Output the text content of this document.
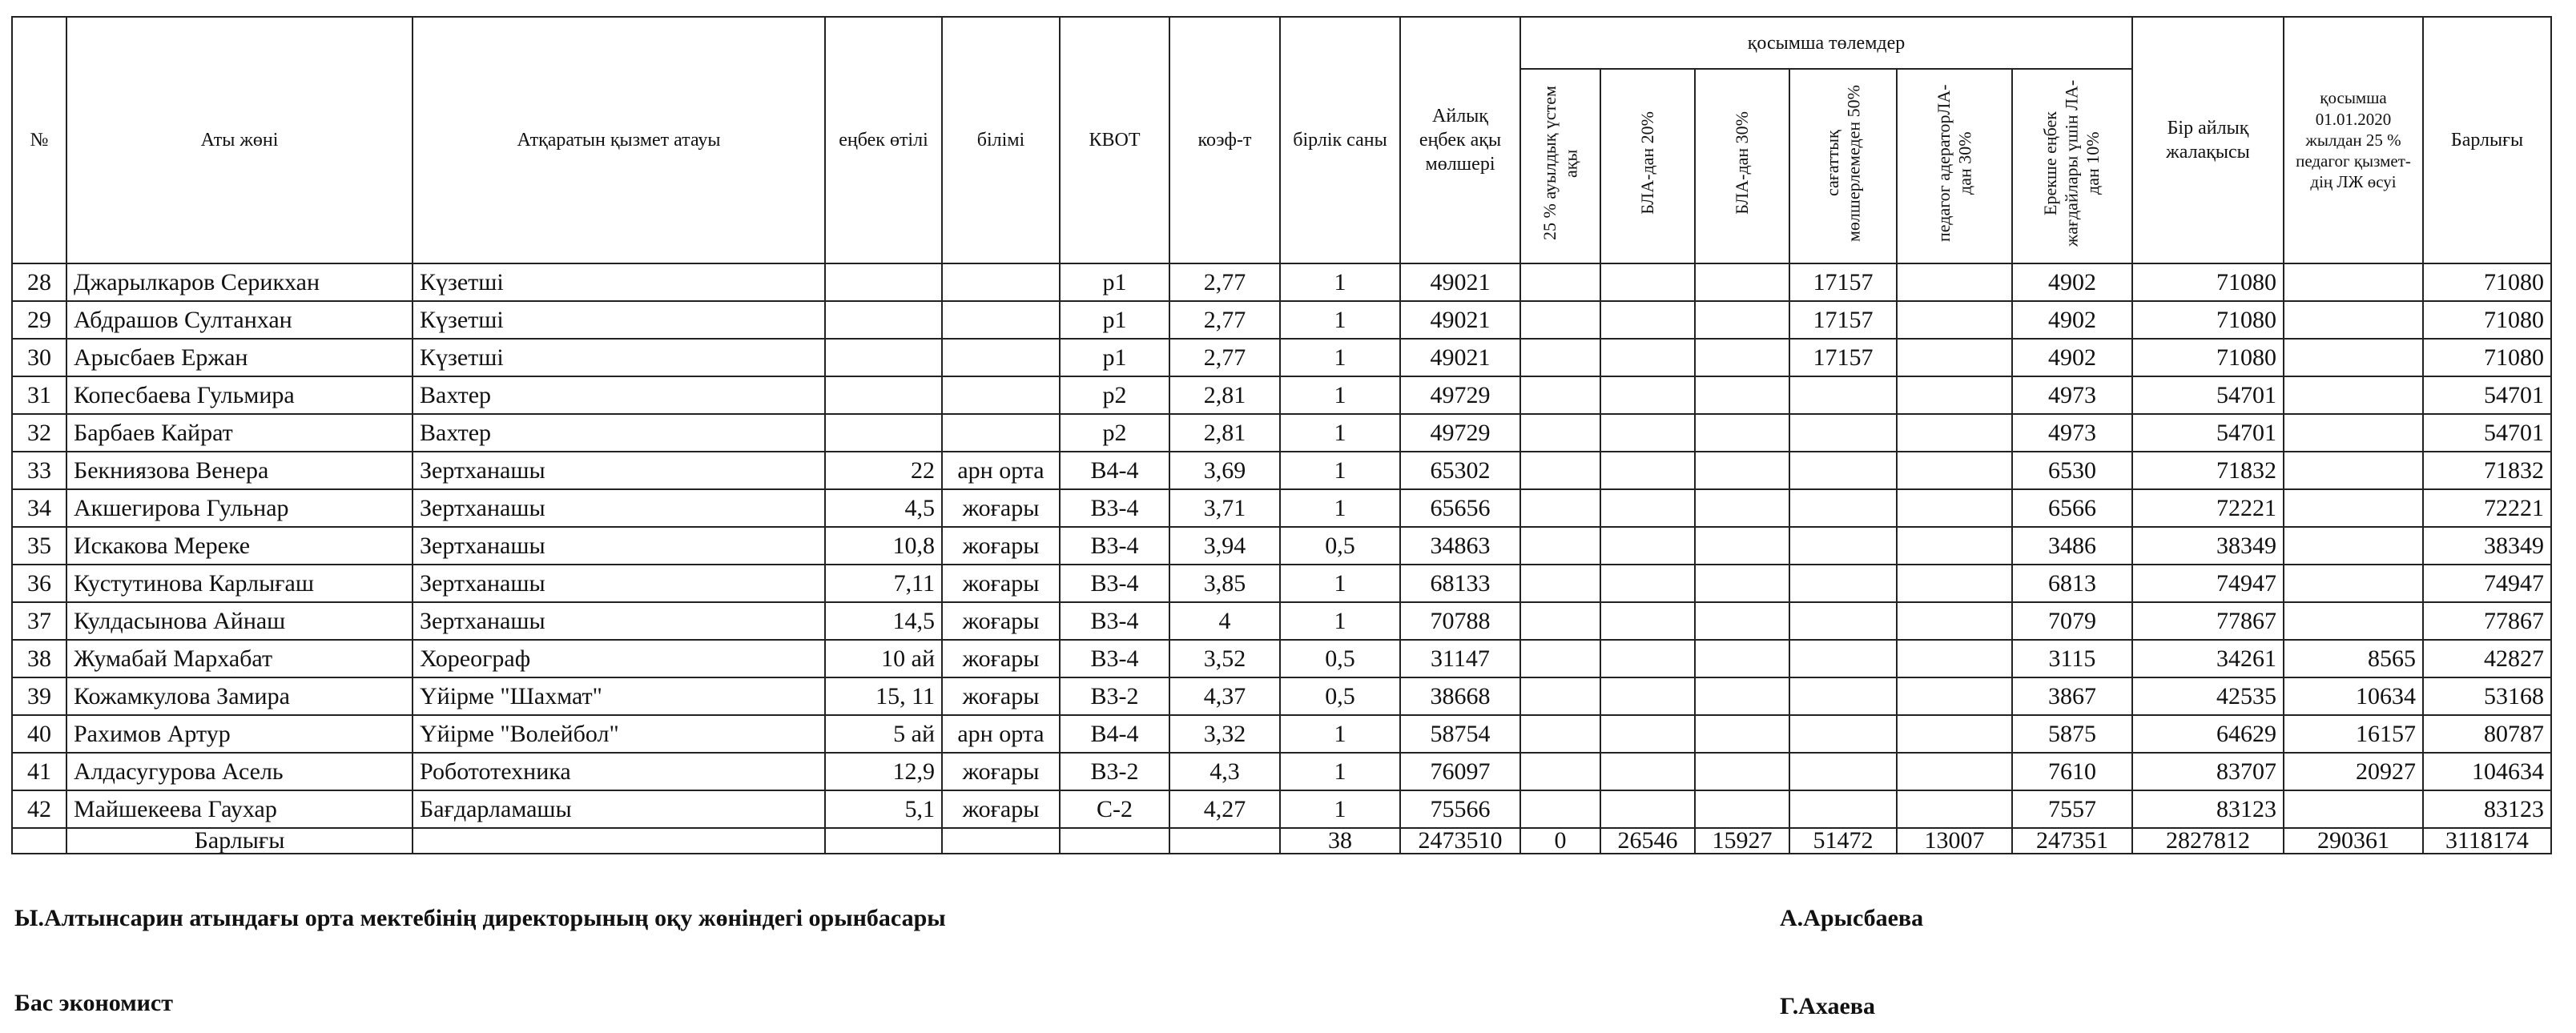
№	Аты жөні	Атқаратын қызмет атауы	еңбек өтілі	білімі	КВОТ	коэф-т	бірлік саны	Айлық еңбек ақы мөлшері	қосымша төлемдер						Бір айлық жалақысы	қосымша 01.01.2020 жылдан 25 % педагог қызмет-дің ЛЖ өсуі	Барлығы
									25 % ауылдық үстем ақы	БЛА-дан 20%	БЛА-дан 30%	сағаттық мөлшерлемеден 50%	педагог адераторЛА-дан 30%	Ерекше еңбек жағдайлары үшін ЛА-дан 10%			
28	Джарылкаров Серикхан	Күзетші			р1	2,77	1	49021				17157		4902	71080		71080
29	Абдрашов Султанхан	Күзетші			р1	2,77	1	49021				17157		4902	71080		71080
30	Арысбаев Ержан	Күзетші			р1	2,77	1	49021				17157		4902	71080		71080
31	Копесбаева Гульмира	Вахтер			р2	2,81	1	49729						4973	54701		54701
32	Барбаев Кайрат	Вахтер			р2	2,81	1	49729						4973	54701		54701
33	Бекниязова Венера	Зертханашы	22	арн орта	В4-4	3,69	1	65302						6530	71832		71832
34	Акшегирова Гульнар	Зертханашы	4,5	жоғары	В3-4	3,71	1	65656						6566	72221		72221
35	Искакова Мереке	Зертханашы	10,8	жоғары	В3-4	3,94	0,5	34863						3486	38349		38349
36	Кустутинова Карлығаш	Зертханашы	7,11	жоғары	В3-4	3,85	1	68133						6813	74947		74947
37	Кулдасынова Айнаш	Зертханашы	14,5	жоғары	В3-4	4	1	70788						7079	77867		77867
38	Жумабай Мархабат	Хореограф	10 ай	жоғары	В3-4	3,52	0,5	31147						3115	34261	8565	42827
39	Кожамкулова Замира	Үйірме "Шахмат"	15, 11	жоғары	В3-2	4,37	0,5	38668						3867	42535	10634	53168
40	Рахимов Артур	Үйірме "Волейбол"	5 ай	арн орта	В4-4	3,32	1	58754						5875	64629	16157	80787
41	Алдасугурова Асель	Робототехника	12,9	жоғары	В3-2	4,3	1	76097						7610	83707	20927	104634
42	Майшекеева Гаухар	Бағдарламашы	5,1	жоғары	С-2	4,27	1	75566						7557	83123		83123
	Барлығы						38	2473510	0	26546	15927	51472	13007	247351	2827812	290361	3118174
Ы.Алтынсарин атындағы орта мектебінің директорының оқу жөніндегі орынбасары	А.Арысбаева
Бас экономист	Г.Ахаева
